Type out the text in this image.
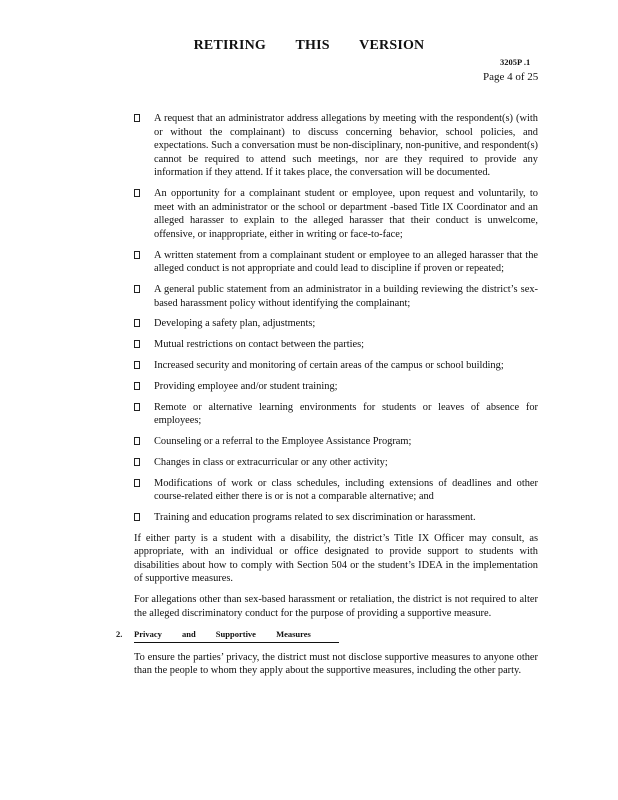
RETIRING THIS VERSION
3205P .1
Page 4 of 25
A request that an administrator address allegations by meeting with the respondent(s) (with or without the complainant) to discuss concerning behavior, school policies, and expectations. Such a conversation must be non-disciplinary, non-punitive, and respondent(s) cannot be required to attend such meetings, nor are they required to provide any information if they attend. If it takes place, the conversation will be documented.
An opportunity for a complainant student or employee, upon request and voluntarily, to meet with an administrator or the school or department -based Title IX Coordinator and an alleged harasser to explain to the alleged harasser that their conduct is unwelcome, offensive, or inappropriate, either in writing or face-to-face;
A written statement from a complainant student or employee to an alleged harasser that the alleged conduct is not appropriate and could lead to discipline if proven or repeated;
A general public statement from an administrator in a building reviewing the district’s sex-based harassment policy without identifying the complainant;
Developing a safety plan, adjustments;
Mutual restrictions on contact between the parties;
Increased security and monitoring of certain areas of the campus or school building;
Providing employee and/or student training;
Remote or alternative learning environments for students or leaves of absence for employees;
Counseling or a referral to the Employee Assistance Program;
Changes in class or extracurricular or any other activity;
Modifications of work or class schedules, including extensions of deadlines and other course-related either there is or is not a comparable alternative; and
Training and education programs related to sex discrimination or harassment.

If either party is a student with a disability, the district’s Title IX Officer may consult, as appropriate, with an individual or office designated to provide support to students with disabilities about how to comply with Section 504 or the student’s IDEA in the implementation of supportive measures.

For allegations other than sex-based harassment or retaliation, the district is not required to alter the alleged discriminatory conduct for the purpose of providing a supportive measure.

2. Privacy and Supportive Measures

To ensure the parties’ privacy, the district must not disclose supportive measures to anyone other than the people to whom they apply about the supportive measures, including the other party.
